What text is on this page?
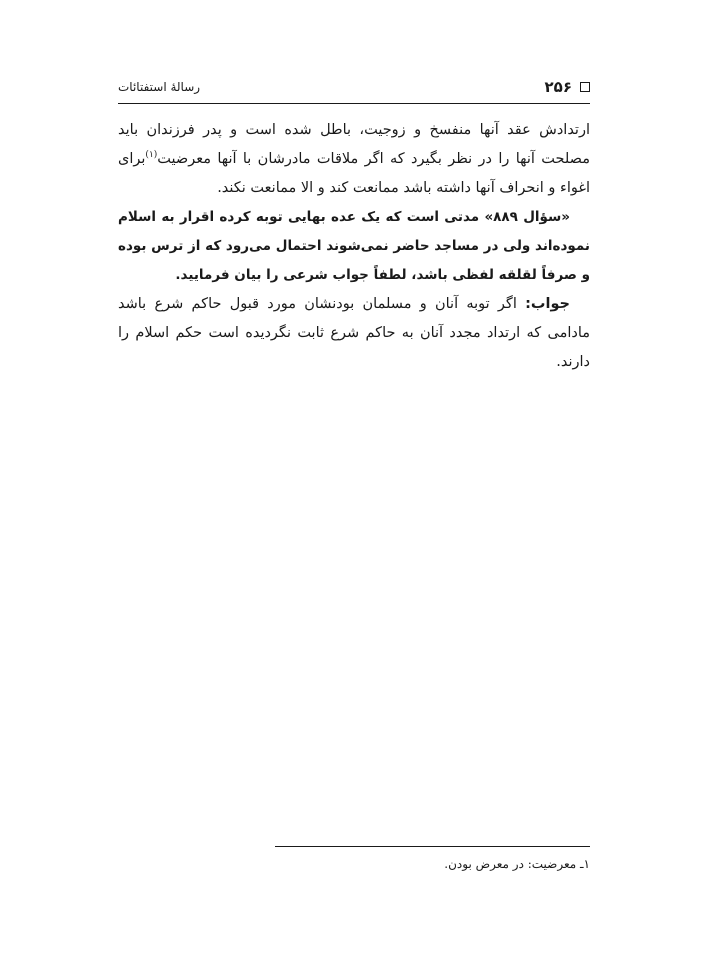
۲۵۶
رسالهٔ استفتائات

ارتدادش عقد آنها منفسخ و زوجیت، باطل شده است و پدر فرزندان باید مصلحت آنها را در نظر بگیرد که اگر ملاقات مادرشان با آنها معرضیت$^{(۱)}$برای اغواء و انحراف آنها داشته باشد ممانعت کند و الا ممانعت نکند.

«سؤال ۸۸۹» مدتی است که یک عده بهایی توبه کرده اقرار به اسلام نموده‌اند ولی در مساجد حاضر نمی‌شوند احتمال می‌رود که از ترس بوده و صرفاً لقلقه لفظی باشد، لطفاً جواب شرعی را بیان فرمایید.

جواب: اگر توبه آنان و مسلمان بودنشان مورد قبول حاکم شرع باشد مادامی که ارتداد مجدد آنان به حاکم شرع ثابت نگردیده است حکم اسلام را دارند.

۱ـ معرضیت: در معرض بودن.
